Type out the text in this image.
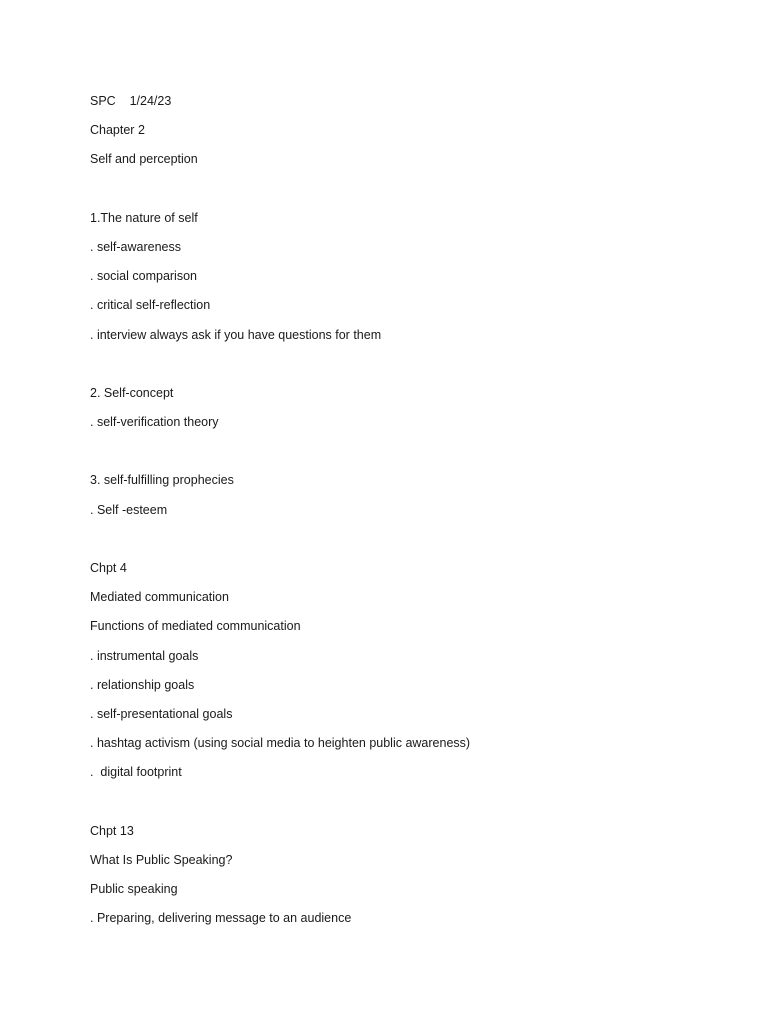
SPC    1/24/23
Chapter 2
Self and perception
1.The nature of self
. self-awareness
. social comparison
. critical self-reflection
. interview always ask if you have questions for them
2. Self-concept
. self-verification theory
3. self-fulfilling prophecies
. Self -esteem
Chpt 4
Mediated communication
Functions of mediated communication
. instrumental goals
. relationship goals
. self-presentational goals
. hashtag activism (using social media to heighten public awareness)
.  digital footprint
Chpt 13
What Is Public Speaking?
Public speaking
. Preparing, delivering message to an audience
